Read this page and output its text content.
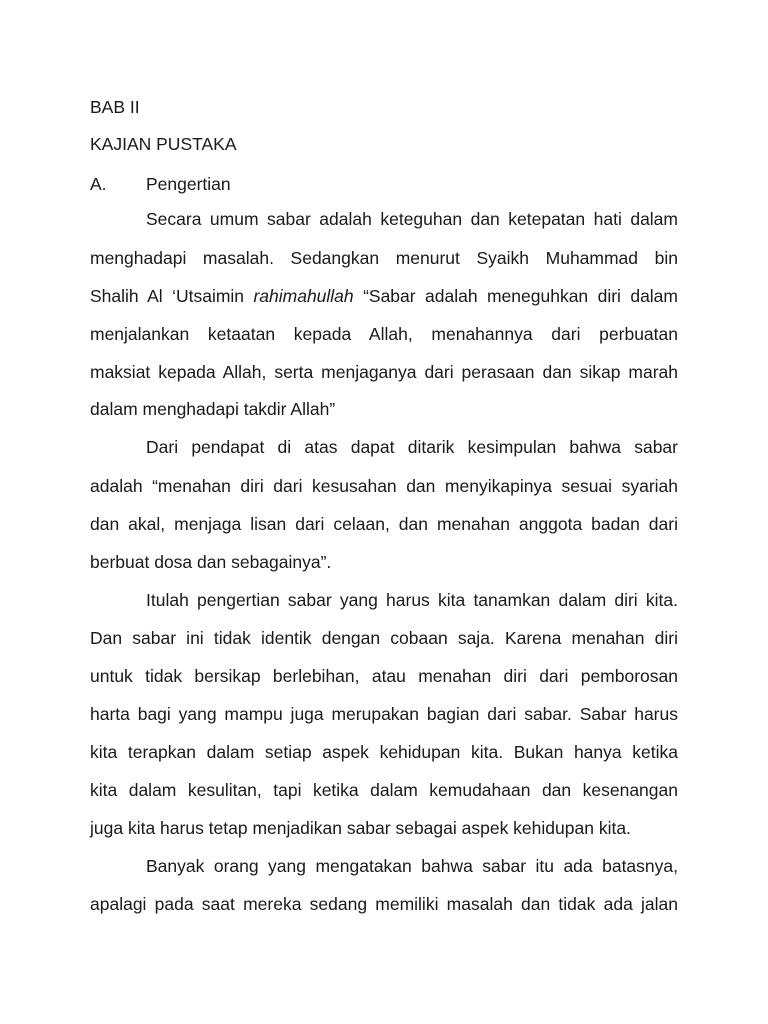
BAB II
KAJIAN PUSTAKA
A. Pengertian
Secara umum sabar adalah keteguhan dan ketepatan hati dalam
menghadapi masalah. Sedangkan menurut Syaikh Muhammad bin
Shalih Al ‘Utsaimin rahimahullah “Sabar adalah meneguhkan diri dalam
menjalankan ketaatan kepada Allah, menahannya dari perbuatan
maksiat kepada Allah, serta menjaganya dari perasaan dan sikap marah
dalam menghadapi takdir Allah”
Dari pendapat di atas dapat ditarik kesimpulan bahwa sabar
adalah “menahan diri dari kesusahan dan menyikapinya sesuai syariah
dan akal, menjaga lisan dari celaan, dan menahan anggota badan dari
berbuat dosa dan sebagainya”.
Itulah pengertian sabar yang harus kita tanamkan dalam diri kita.
Dan sabar ini tidak identik dengan cobaan saja. Karena menahan diri
untuk tidak bersikap berlebihan, atau menahan diri dari pemborosan
harta bagi yang mampu juga merupakan bagian dari sabar. Sabar harus
kita terapkan dalam setiap aspek kehidupan kita. Bukan hanya ketika
kita dalam kesulitan, tapi ketika dalam kemudahaan dan kesenangan
juga kita harus tetap menjadikan sabar sebagai aspek kehidupan kita.
Banyak orang yang mengatakan bahwa sabar itu ada batasnya,
apalagi pada saat mereka sedang memiliki masalah dan tidak ada jalan
